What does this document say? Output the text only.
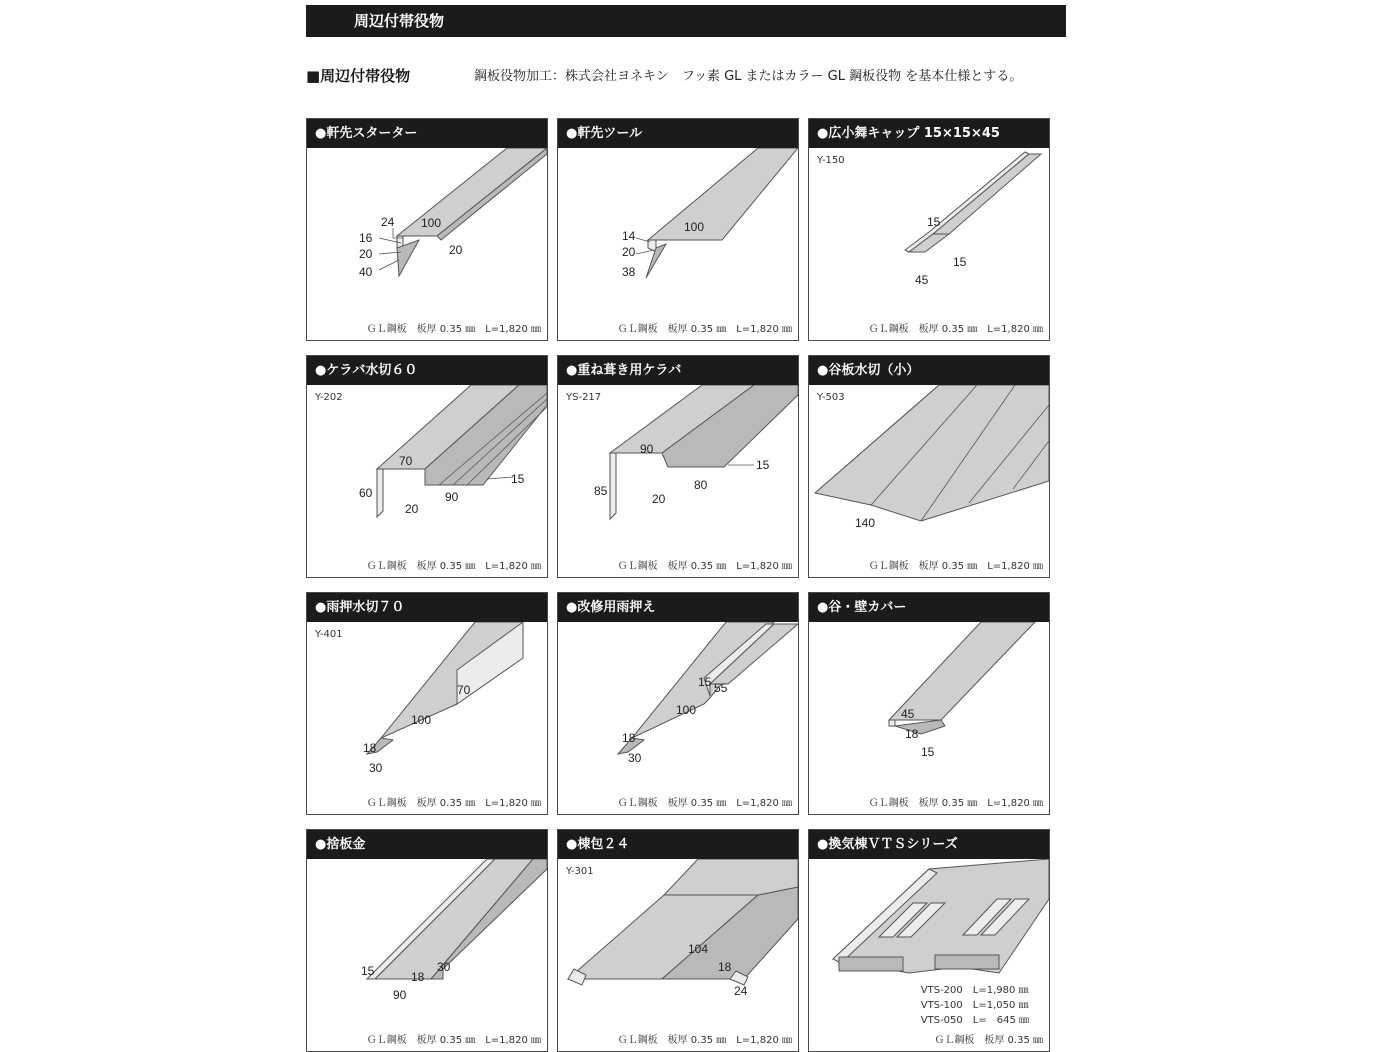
周辺付帯役物
■周辺付帯役物	鋼板役物加工：株式会社ヨネキン　フッ素 GL またはカラー GL 鋼板役物 を基本仕様とする。
●軒先スターター
24 100
16
20
20
40
ＧＬ鋼板　板厚 0.35 ㎜　L=1,820 ㎜
●軒先ツール
14
100
20
38
ＧＬ鋼板　板厚 0.35 ㎜　L=1,820 ㎜
●広小舞キャップ 15×15×45
Y-150
15
15
45
ＧＬ鋼板　板厚 0.35 ㎜　L=1,820 ㎜
●ケラバ水切６０
Y-202
70
15
60	90
20
ＧＬ鋼板　板厚 0.35 ㎜　L=1,820 ㎜
●重ね葺き用ケラバ
YS-217
90
15
85	80
20
ＧＬ鋼板　板厚 0.35 ㎜　L=1,820 ㎜
●谷板水切（小）
Y-503
140
ＧＬ鋼板　板厚 0.35 ㎜　L=1,820 ㎜
●雨押水切７０
Y-401
70
100
18
30
ＧＬ鋼板　板厚 0.35 ㎜　L=1,820 ㎜
●改修用雨押え
15 55
100
18
30
ＧＬ鋼板　板厚 0.35 ㎜　L=1,820 ㎜
●谷・壁カバー
45
18
15
ＧＬ鋼板　板厚 0.35 ㎜　L=1,820 ㎜
●捨板金
15	18
30
90
ＧＬ鋼板　板厚 0.35 ㎜　L=1,820 ㎜
●棟包２４
Y-301
104
18
24
ＧＬ鋼板　板厚 0.35 ㎜　L=1,820 ㎜
●換気棟ＶＴＳシリーズ
VTS-200　L=1,980 ㎜
VTS-100　L=1,050 ㎜
VTS-050　L=　645 ㎜
ＧＬ鋼板　板厚 0.35 ㎜
